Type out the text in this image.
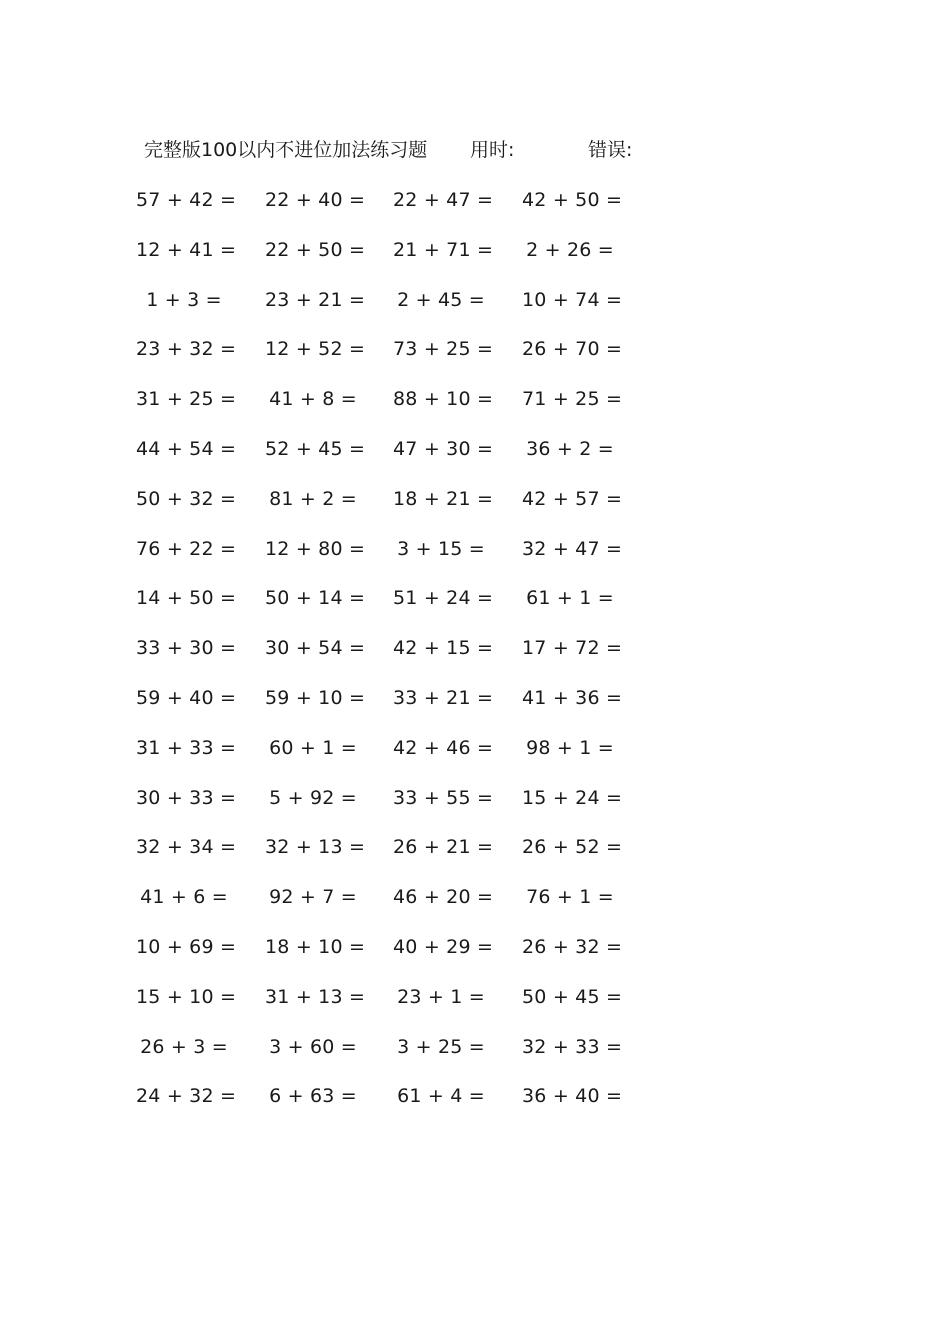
完整版100以内不进位加法练习题 用时:	错误:
57 + 42 = 22 + 40 = 22 + 47 = 42 + 50 =
12 + 41 = 22 + 50 = 21 + 71 = 2 + 26 =
1 + 3 =	23 + 21 = 2 + 45 = 10 + 74 =
23 + 32 = 12 + 52 = 73 + 25 = 26 + 70 =
31 + 25 = 41 + 8 = 88 + 10 = 71 + 25 =
44 + 54 = 52 + 45 = 47 + 30 = 36 + 2 =
50 + 32 = 81 + 2 = 18 + 21 = 42 + 57 =
76 + 22 = 12 + 80 = 3 + 15 = 32 + 47 =
14 + 50 = 50 + 14 = 51 + 24 = 61 + 1 =
33 + 30 = 30 + 54 = 42 + 15 = 17 + 72 =
59 + 40 = 59 + 10 = 33 + 21 = 41 + 36 =
31 + 33 = 60 + 1 = 42 + 46 = 98 + 1 =
30 + 33 = 5 + 92 = 33 + 55 = 15 + 24 =
32 + 34 = 32 + 13 = 26 + 21 = 26 + 52 =
41 + 6 = 92 + 7 = 46 + 20 = 76 + 1 =
10 + 69 = 18 + 10 = 40 + 29 = 26 + 32 =
15 + 10 = 31 + 13 = 23 + 1 = 50 + 45 =
26 + 3 = 3 + 60 = 3 + 25 = 32 + 33 =
24 + 32 = 6 + 63 = 61 + 4 = 36 + 40 =
